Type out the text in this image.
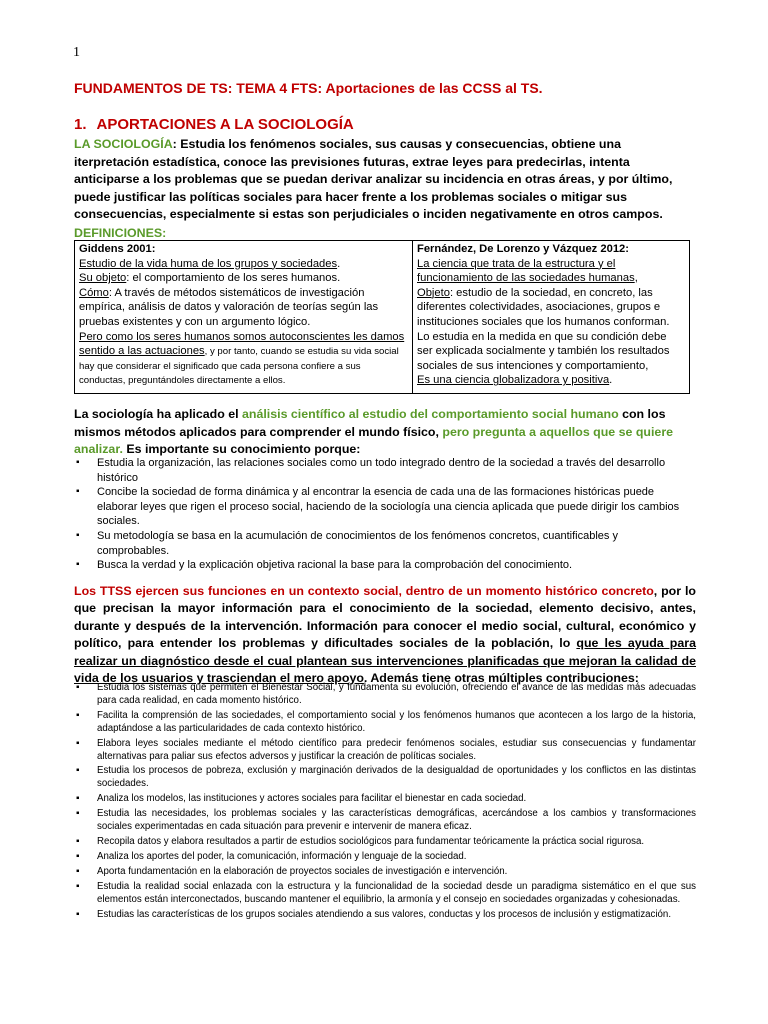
1
FUNDAMENTOS DE TS: TEMA 4 FTS: Aportaciones de las CCSS al TS.
1. APORTACIONES A LA SOCIOLOGÍA
LA SOCIOLOGÍA: Estudia los fenómenos sociales, sus causas y consecuencias, obtiene una iterpretación estadística, conoce las previsiones futuras, extrae leyes para predecirlas, intenta anticiparse a los problemas que se puedan derivar analizar su incidencia en otras áreas, y por último, puede justificar las políticas sociales para hacer frente a los problemas sociales o mitigar sus consecuencias, especialmente si estas son perjudiciales o inciden negativamente en otros campos.
DEFINICIONES:
Giddens 2001:
Estudio de la vida huma de los grupos y sociedades.
Su objeto: el comportamiento de los seres humanos.
Cómo: A través de métodos sistemáticos de investigación empírica, análisis de datos y valoración de teorías según las pruebas existentes y con un argumento lógico.
Pero como los seres humanos somos autoconscientes les damos sentido a las actuaciones, y por tanto, cuando se estudia su vida social hay que considerar el significado que cada persona confiere a sus conductas, preguntándoles directamente a ellos.
Fernández, De Lorenzo y Vázquez 2012:
La ciencia que trata de la estructura y el funcionamiento de las sociedades humanas,
Objeto: estudio de la sociedad, en concreto, las diferentes colectividades, asociaciones, grupos e instituciones sociales que los humanos conforman.
Lo estudia en la medida en que su condición debe ser explicada socialmente y también los resultados sociales de sus intenciones y comportamiento,
Es una ciencia globalizadora y positiva.
La sociología ha aplicado el análisis científico al estudio del comportamiento social humano con los mismos métodos aplicados para comprender el mundo físico, pero pregunta a aquellos que se quiere analizar. Es importante su conocimiento porque:
▪ Estudia la organización, las relaciones sociales como un todo integrado dentro de la sociedad a través del desarrollo histórico
▪ Concibe la sociedad de forma dinámica y al encontrar la esencia de cada una de las formaciones históricas puede elaborar leyes que rigen el proceso social, haciendo de la sociología una ciencia aplicada que puede dirigir los cambios sociales.
▪ Su metodología se basa en la acumulación de conocimientos de los fenómenos concretos, cuantificables y comprobables.
▪ Busca la verdad y la explicación objetiva racional la base para la comprobación del conocimiento.
Los TTSS ejercen sus funciones en un contexto social, dentro de un momento histórico concreto, por lo que precisan la mayor información para el conocimiento de la sociedad, elemento decisivo, antes, durante y después de la intervención. Información para conocer el medio social, cultural, económico y político, para entender los problemas y dificultades sociales de la población, lo que les ayuda para realizar un diagnóstico desde el cual plantean sus intervenciones planificadas que mejoran la calidad de vida de los usuarios y trasciendan el mero apoyo. Además tiene otras múltiples contribuciones:
▪ Estudia los sistemas que permiten el Bienestar Social, y fundamenta su evolución, ofreciendo el avance de las medidas más adecuadas para cada realidad, en cada momento histórico.
▪ Facilita la comprensión de las sociedades, el comportamiento social y los fenómenos humanos que acontecen a los largo de la historia, adaptándose a las particularidades de cada contexto histórico.
▪ Elabora leyes sociales mediante el método científico para predecir fenómenos sociales, estudiar sus consecuencias y fundamentar alternativas para paliar sus efectos adversos y justificar la creación de políticas sociales.
▪ Estudia los procesos de pobreza, exclusión y marginación derivados de la desigualdad de oportunidades y los conflictos en las distintas sociedades.
▪ Analiza los modelos, las instituciones y actores sociales para facilitar el bienestar en cada sociedad.
▪ Estudia las necesidades, los problemas sociales y las características demográficas, acercándose a los cambios y transformaciones sociales experimentadas en cada situación para prevenir e intervenir de manera eficaz.
▪ Recopila datos y elabora resultados a partir de estudios sociológicos para fundamentar teóricamente la práctica social rigurosa.
▪ Analiza los aportes del poder, la comunicación, información y lenguaje de la sociedad.
▪ Aporta fundamentación en la elaboración de proyectos sociales de investigación e intervención.
▪ Estudia la realidad social enlazada con la estructura y la funcionalidad de la sociedad desde un paradigma sistemático en el que sus elementos están interconectados, buscando mantener el equilibrio, la armonía y el consejo en sociedades organizadas y cohesionadas.
▪ Estudias las características de los grupos sociales atendiendo a sus valores, conductas y los procesos de inclusión y estigmatización.
